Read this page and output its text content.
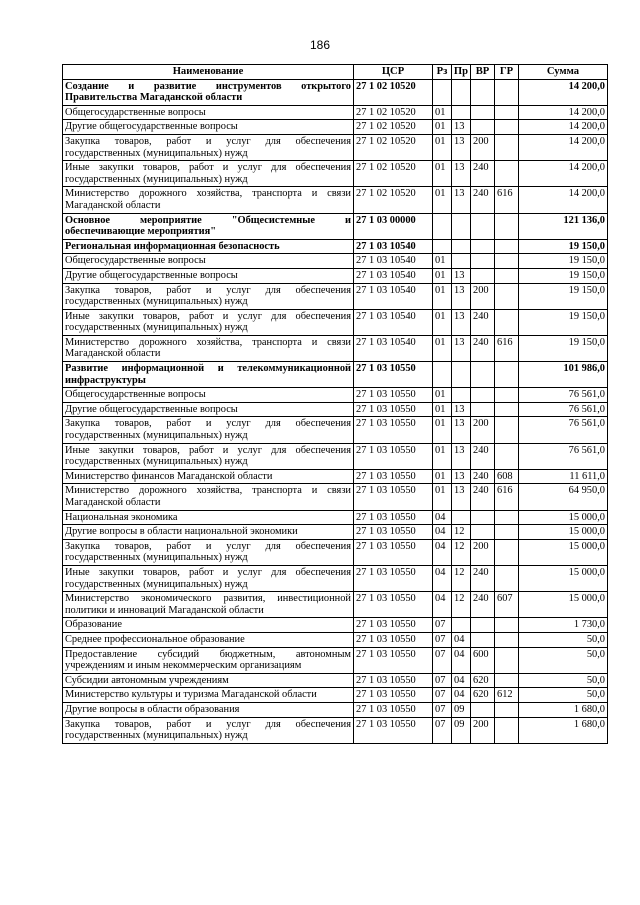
186
Наименование	ЦСР	Рз	Пр	ВР	ГР	Сумма
Создание и развитие инструментов открытого Правительства Магаданской области	27 1 02 10520					14 200,0
Общегосударственные вопросы	27 1 02 10520	01				14 200,0
Другие общегосударственные вопросы	27 1 02 10520	01	13			14 200,0
Закупка товаров, работ и услуг для обеспечения государственных (муниципальных) нужд	27 1 02 10520	01	13	200		14 200,0
Иные закупки товаров, работ и услуг для обеспечения государственных (муниципальных) нужд	27 1 02 10520	01	13	240		14 200,0
Министерство дорожного хозяйства, транспорта и связи Магаданской области	27 1 02 10520	01	13	240	616	14 200,0
Основное мероприятие "Общесистемные и обеспечивающие мероприятия"	27 1 03 00000					121 136,0
Региональная информационная безопасность	27 1 03 10540					19 150,0
Общегосударственные вопросы	27 1 03 10540	01				19 150,0
Другие общегосударственные вопросы	27 1 03 10540	01	13			19 150,0
Закупка товаров, работ и услуг для обеспечения государственных (муниципальных) нужд	27 1 03 10540	01	13	200		19 150,0
Иные закупки товаров, работ и услуг для обеспечения государственных (муниципальных) нужд	27 1 03 10540	01	13	240		19 150,0
Министерство дорожного хозяйства, транспорта и связи Магаданской области	27 1 03 10540	01	13	240	616	19 150,0
Развитие информационной и телекоммуникационной инфраструктуры	27 1 03 10550					101 986,0
Общегосударственные вопросы	27 1 03 10550	01				76 561,0
Другие общегосударственные вопросы	27 1 03 10550	01	13			76 561,0
Закупка товаров, работ и услуг для обеспечения государственных (муниципальных) нужд	27 1 03 10550	01	13	200		76 561,0
Иные закупки товаров, работ и услуг для обеспечения государственных (муниципальных) нужд	27 1 03 10550	01	13	240		76 561,0
Министерство финансов Магаданской области	27 1 03 10550	01	13	240	608	11 611,0
Министерство дорожного хозяйства, транспорта и связи Магаданской области	27 1 03 10550	01	13	240	616	64 950,0
Национальная экономика	27 1 03 10550	04				15 000,0
Другие вопросы в области национальной экономики	27 1 03 10550	04	12			15 000,0
Закупка товаров, работ и услуг для обеспечения государственных (муниципальных) нужд	27 1 03 10550	04	12	200		15 000,0
Иные закупки товаров, работ и услуг для обеспечения государственных (муниципальных) нужд	27 1 03 10550	04	12	240		15 000,0
Министерство экономического развития, инвестиционной политики и инноваций Магаданской области	27 1 03 10550	04	12	240	607	15 000,0
Образование	27 1 03 10550	07				1 730,0
Среднее профессиональное образование	27 1 03 10550	07	04			50,0
Предоставление субсидий бюджетным, автономным учреждениям и иным некоммерческим организациям	27 1 03 10550	07	04	600		50,0
Субсидии автономным учреждениям	27 1 03 10550	07	04	620		50,0
Министерство культуры и туризма Магаданской области	27 1 03 10550	07	04	620	612	50,0
Другие вопросы в области образования	27 1 03 10550	07	09			1 680,0
Закупка товаров, работ и услуг для обеспечения государственных (муниципальных) нужд	27 1 03 10550	07	09	200		1 680,0
